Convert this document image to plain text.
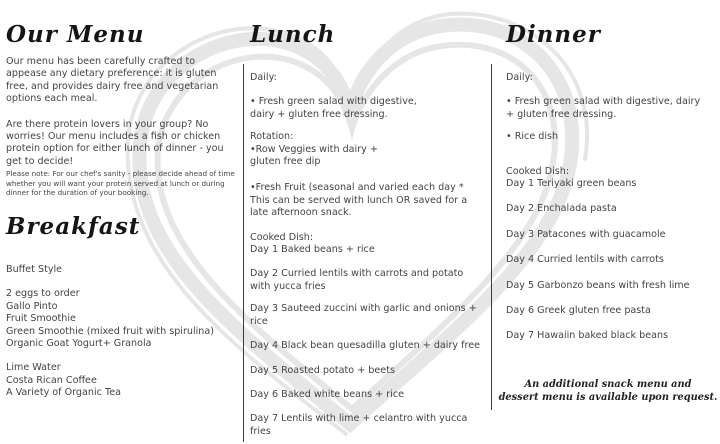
Our Menu

Our menu has been carefully crafted to appease any dietary preference: it is gluten free, and provides dairy free and vegetarian options each meal.

Are there protein lovers in your group? No worries! Our menu includes a fish or chicken protein option for either lunch of dinner - you get to decide!

Please note: For our chef's sanity - please decide ahead of time whether you will want your protein served at lunch or during dinner for the duration of your booking.

Breakfast

Buffet Style

2 eggs to order

Gallo Pinto

Fruit Smoothie

Green Smoothie (mixed fruit with spirulina)

Organic Goat Yogurt+ Granola

Lime Water

Costa Rican Coffee

A Variety of Organic Tea

Lunch

Daily:

• Fresh green salad with digestive, dairy + gluten free dressing.

Rotation:

•Row Veggies with dairy + gluten free dip

•Fresh Fruit (seasonal and varied each day * This can be served with lunch OR saved for a late afternoon snack.

Cooked Dish:

Day 1 Baked beans + rice

Day 2 Curried lentils with carrots and potato with yucca fries

Day 3 Sauteed zuccini with garlic and onions + rice

Day 4 Black bean quesadilla gluten + dairy free

Day 5 Roasted potato + beets

Day 6 Baked white beans + rice

Day 7 Lentils with lime + celantro with yucca fries

Dinner

Daily:

• Fresh green salad with digestive, dairy + gluten free dressing.

• Rice dish

Cooked Dish:

Day 1 Teriyaki green beans

Day 2 Enchalada pasta

Day 3 Patacones with guacamole

Day 4 Curried lentils with carrots

Day 5 Garbonzo beans with fresh lime

Day 6 Greek gluten free pasta

Day 7 Hawaiin baked black beans

An additional snack menu and
dessert menu is available upon request.
